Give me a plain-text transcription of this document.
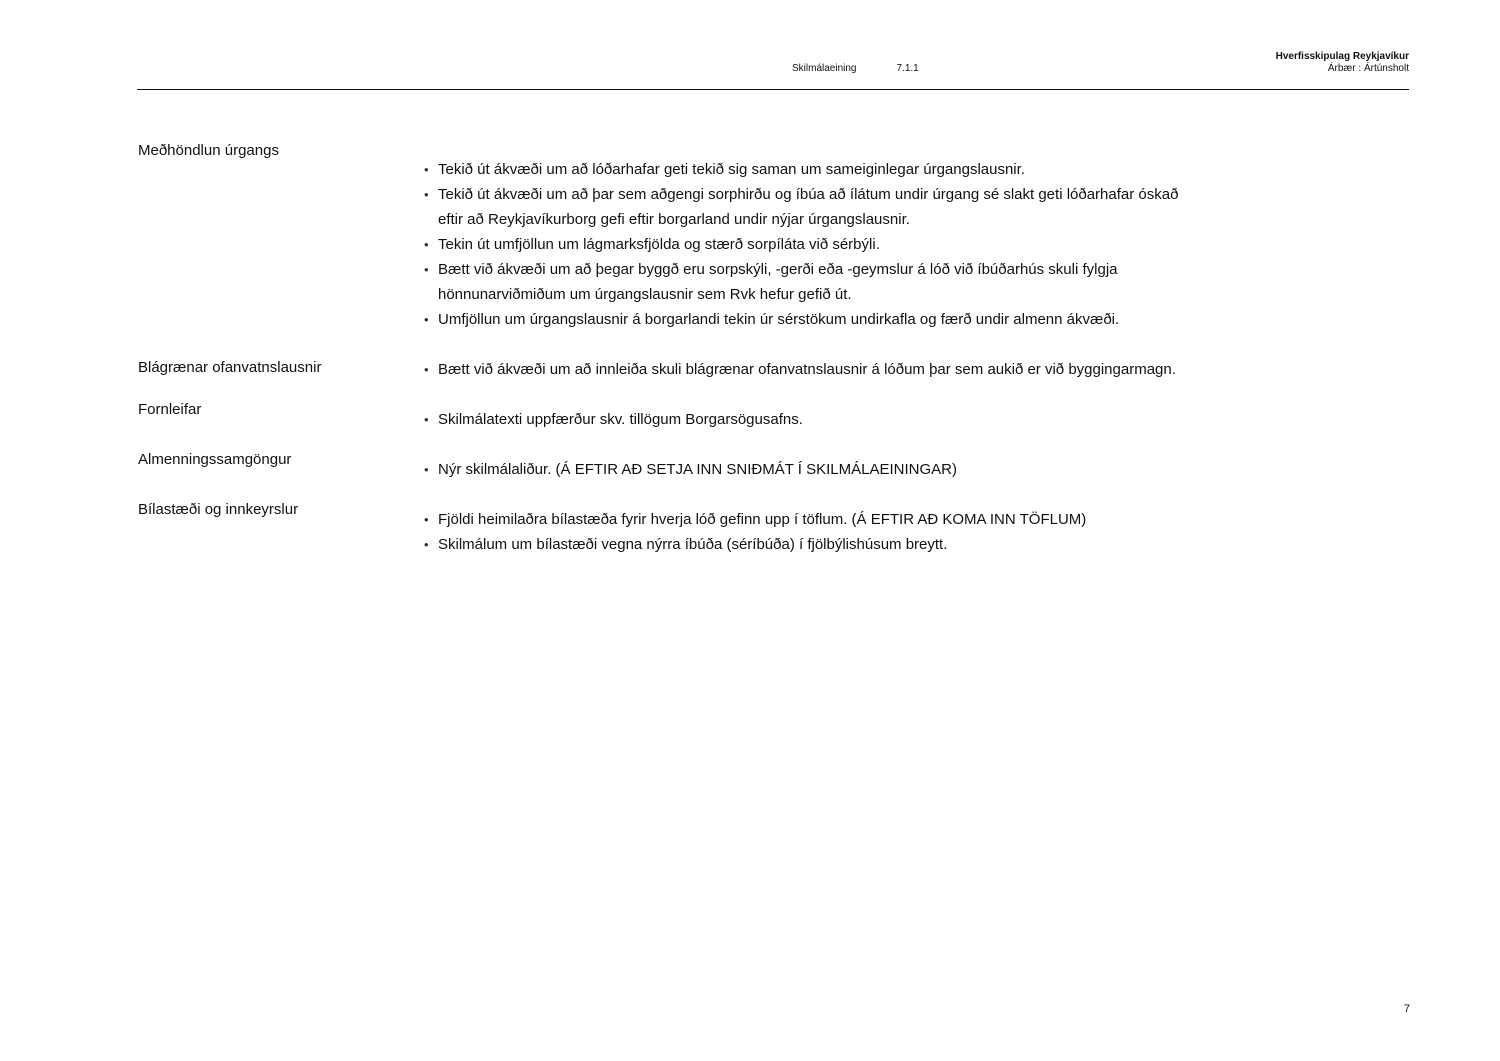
Skilmálaeining	7.1.1
Hverfisskipulag Reykjavíkur
Árbær : Ártúnsholt
Meðhöndlun úrgangs
• Tekið út ákvæði um að lóðarhafar geti tekið sig saman um sameiginlegar úrgangslausnir.
• Tekið út ákvæði um að þar sem aðgengi sorphirðu og íbúa að ílátum undir úrgang sé slakt geti lóðarhafar óskað eftir að Reykjavíkurborg gefi eftir borgarland undir nýjar úrgangslausnir.
• Tekin út umfjöllun um lágmarksfjölda og stærð sorpíláta við sérbýli.
• Bætt við ákvæði um að þegar byggð eru sorpskýli, -gerði eða -geymslur á lóð við íbúðarhús skuli fylgja hönnunarviðmiðum um úrgangslausnir sem Rvk hefur gefið út.
• Umfjöllun um úrgangslausnir á borgarlandi tekin úr sérstökum undirkafla og færð undir almenn ákvæði.
Blágrænar ofanvatnslausnir
•	Bætt við ákvæði um að innleiða skuli blágrænar ofanvatnslausnir á lóðum þar sem aukið er við byggingarmagn.
Fornleifar
• Skilmálatexti uppfærður skv. tillögum Borgarsögusafns.
Almenningssamgöngur
• Nýr skilmálaliður. (Á EFTIR AÐ SETJA INN SNIÐMÁT Í SKILMÁLAEININGAR)
Bílastæði og innkeyrslur
• Fjöldi heimilaðra bílastæða fyrir hverja lóð gefinn upp í töflum. (Á EFTIR AÐ KOMA INN TÖFLUM)
• Skilmálum um bílastæði vegna nýrra íbúða (séríbúða) í fjölbýlishúsum breytt.
7
